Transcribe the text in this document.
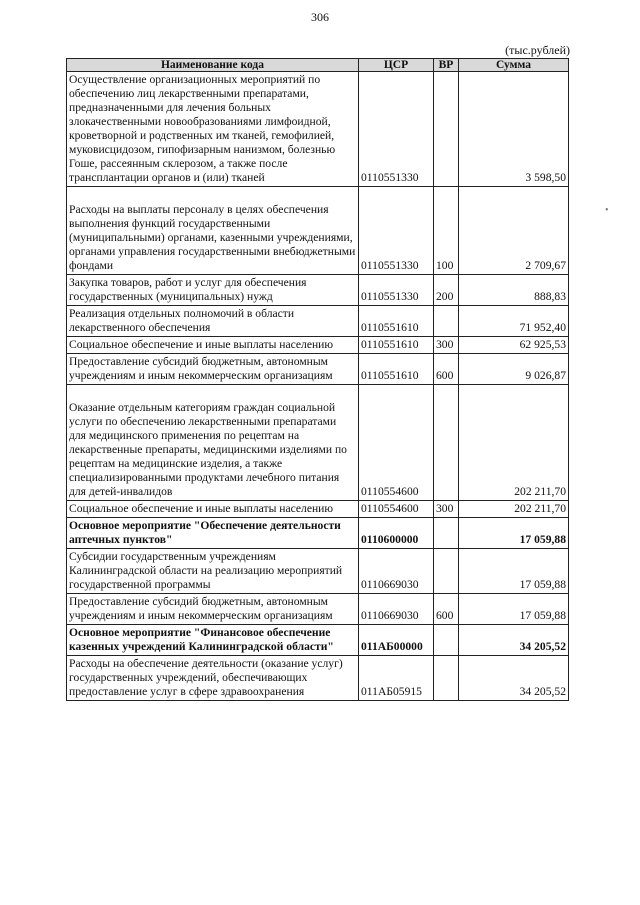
306
(тыс.рублей)
Наименование кода	ЦСР	ВР	Сумма
Осуществление организационных мероприятий по обеспечению лиц лекарственными препаратами, предназначенными для лечения больных злокачественными новообразованиями лимфоидной, кроветворной и родственных им тканей, гемофилией, муковисцидозом, гипофизарным нанизмом, болезнью Гоше, рассеянным склерозом, а также после трансплантации органов и (или) тканей	0110551330		3 598,50
Расходы на выплаты персоналу в целях обеспечения выполнения функций государственными (муниципальными) органами, казенными учреждениями, органами управления государственными внебюджетными фондами	0110551330	100	2 709,67
Закупка товаров, работ и услуг для обеспечения государственных (муниципальных) нужд	0110551330	200	888,83
Реализация отдельных полномочий в области лекарственного обеспечения	0110551610		71 952,40
Социальное обеспечение и иные выплаты населению	0110551610	300	62 925,53
Предоставление субсидий бюджетным, автономным учреждениям и иным некоммерческим организациям	0110551610	600	9 026,87
Оказание отдельным категориям граждан социальной услуги по обеспечению лекарственными препаратами для медицинского применения по рецептам на лекарственные препараты, медицинскими изделиями по рецептам на медицинские изделия, а также специализированными продуктами лечебного питания для детей-инвалидов	0110554600		202 211,70
Социальное обеспечение и иные выплаты населению	0110554600	300	202 211,70
Основное мероприятие "Обеспечение деятельности аптечных пунктов"	0110600000		17 059,88
Субсидии государственным учреждениям Калининградской области на реализацию мероприятий государственной программы	0110669030		17 059,88
Предоставление субсидий бюджетным, автономным учреждениям и иным некоммерческим организациям	0110669030	600	17 059,88
Основное мероприятие "Финансовое обеспечение казенных учреждений Калининградской области"	011АБ00000		34 205,52
Расходы на обеспечение деятельности (оказание услуг) государственных учреждений, обеспечивающих предоставление услуг в сфере здравоохранения	011АБ05915		34 205,52
•
